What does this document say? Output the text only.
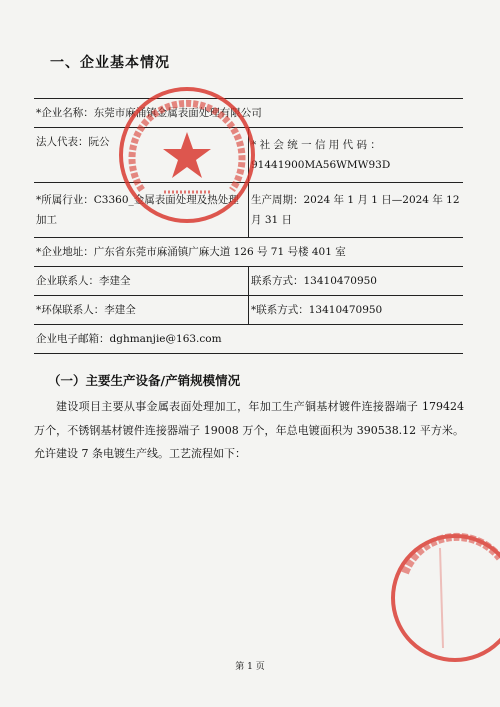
一、企业基本情况
*企业名称：东莞市麻涌镇金属表面处理有限公司	
法人代表：阮公	* 社 会 统 一 信 用 代 码 ：
91441900MA56WMW93D

*所属行业：C3360_金属表面处理及热处理加工	生产周期：2024 年 1 月 1 日—2024 年 12 月 31 日
*企业地址：广东省东莞市麻涌镇广麻大道 126 号 71 号楼 401 室	
企业联系人：李建全	联系方式：13410470950
*环保联系人：李建全	*联系方式：13410470950
企业电子邮箱：dghmanjie@163.com	
（一）主要生产设备/产销规模情况
建设项目主要从事金属表面处理加工，年加工生产铜基材镀件连接器端子 179424 万个，不锈钢基材镀件连接器端子 19008 万个，年总电镀面积为 390538.12 平方米。允许建设 7 条电镀生产线。工艺流程如下：
第 1 页
